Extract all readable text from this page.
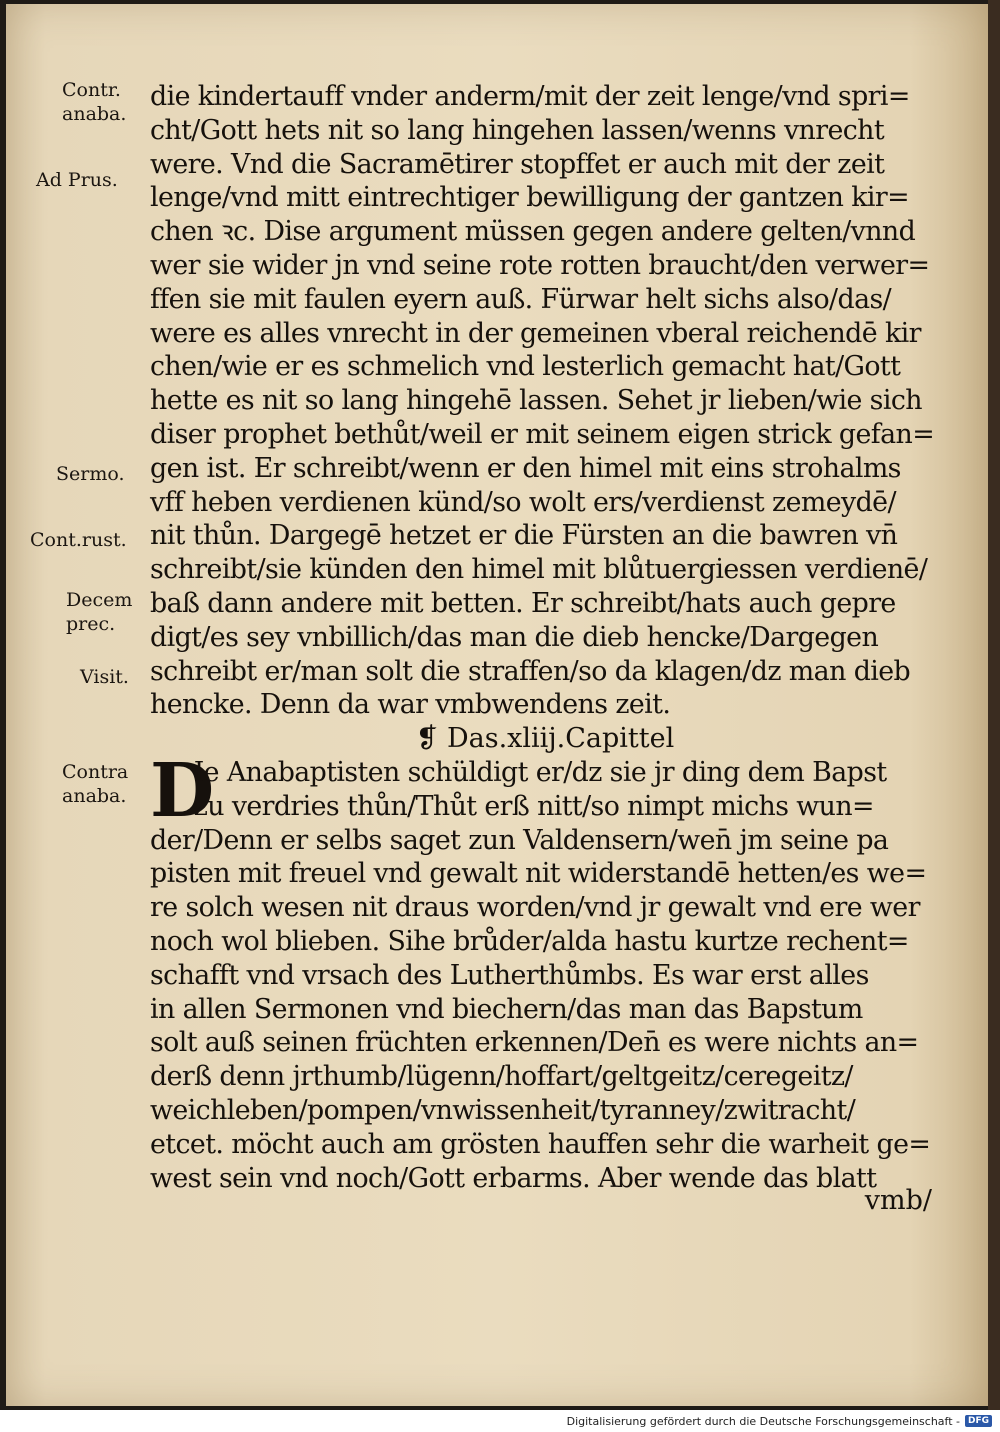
Contr.
anaba.
Ad Prus.
Sermo.
Cont.rust.
Decem
prec.
Visit.
Contra
anaba.
die kindertauff vnder anderm/mit der zeit lenge/vnd spri=
cht/Gott hets nit so lang hingehen lassen/wenns vnrecht
were. Vnd die Sacramētirer stopffet er auch mit der zeit
lenge/vnd mitt eintrechtiger bewilligung der gantzen kir=
chen ꝛc. Dise argument müssen gegen andere gelten/vnnd
wer sie wider jn vnd seine rote rotten braucht/den verwer=
ffen sie mit faulen eyern auß. Fürwar helt sichs also/das/
were es alles vnrecht in der gemeinen vberal reichendē kir
chen/wie er es schmelich vnd lesterlich gemacht hat/Gott
hette es nit so lang hingehē lassen. Sehet jr lieben/wie sich
diser prophet bethůt/weil er mit seinem eigen strick gefan=
gen ist. Er schreibt/wenn er den himel mit eins strohalms
vff heben verdienen künd/so wolt ers/verdienst zemeydē/
nit thůn. Dargegē hetzet er die Fürsten an die bawren vn̄
schreibt/sie künden den himel mit blůtuergiessen verdienē/
baß dann andere mit betten. Er schreibt/hats auch gepre
digt/es sey vnbillich/das man die dieb hencke/Dargegen
schreibt er/man solt die straffen/so da klagen/dz man dieb
hencke. Denn da war vmbwendens zeit.
❡ Das.xliij.Capittel
D
Ie Anabaptisten schüldigt er/dz sie jr ding dem Bapst
zu verdries thůn/Thůt erß nitt/so nimpt michs wun=
der/Denn er selbs saget zun Valdensern/wen̄ jm seine pa
pisten mit freuel vnd gewalt nit widerstandē hetten/es we=
re solch wesen nit draus worden/vnd jr gewalt vnd ere wer
noch wol blieben. Sihe brůder/alda hastu kurtze rechent=
schafft vnd vrsach des Lutherthůmbs. Es war erst alles
in allen Sermonen vnd biechern/das man das Bapstum
solt auß seinen früchten erkennen/Den̄ es were nichts an=
derß denn jrthumb/lügenn/hoffart/geltgeitz/ceregeitz/
weichleben/pompen/vnwissenheit/tyranney/zwitracht/
etcet. möcht auch am grösten hauffen sehr die warheit ge=
west sein vnd noch/Gott erbarms. Aber wende das blatt
vmb/
Digitalisierung gefördert durch die Deutsche Forschungsgemeinschaft - DFG
